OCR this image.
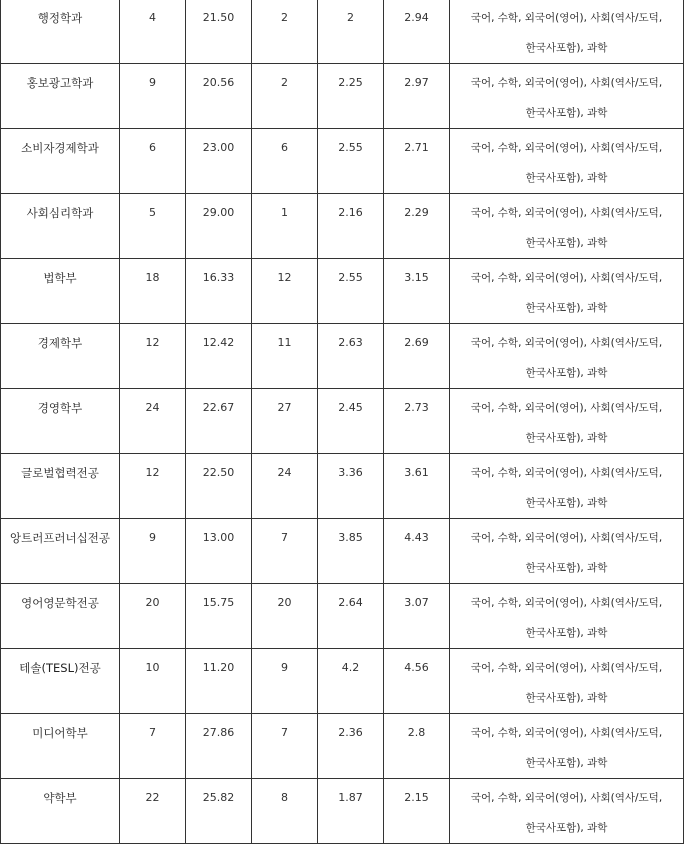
행정학과	4	21.50	2	2	2.94	국어, 수학, 외국어(영어), 사회(역사/도덕, 한국사포함), 과학
홍보광고학과	9	20.56	2	2.25	2.97	국어, 수학, 외국어(영어), 사회(역사/도덕, 한국사포함), 과학
소비자경제학과	6	23.00	6	2.55	2.71	국어, 수학, 외국어(영어), 사회(역사/도덕, 한국사포함), 과학
사회심리학과	5	29.00	1	2.16	2.29	국어, 수학, 외국어(영어), 사회(역사/도덕, 한국사포함), 과학
법학부	18	16.33	12	2.55	3.15	국어, 수학, 외국어(영어), 사회(역사/도덕, 한국사포함), 과학
경제학부	12	12.42	11	2.63	2.69	국어, 수학, 외국어(영어), 사회(역사/도덕, 한국사포함), 과학
경영학부	24	22.67	27	2.45	2.73	국어, 수학, 외국어(영어), 사회(역사/도덕, 한국사포함), 과학
글로벌협력전공	12	22.50	24	3.36	3.61	국어, 수학, 외국어(영어), 사회(역사/도덕, 한국사포함), 과학
앙트러프러너십전공	9	13.00	7	3.85	4.43	국어, 수학, 외국어(영어), 사회(역사/도덕, 한국사포함), 과학
영어영문학전공	20	15.75	20	2.64	3.07	국어, 수학, 외국어(영어), 사회(역사/도덕, 한국사포함), 과학
테솔(TESL)전공	10	11.20	9	4.2	4.56	국어, 수학, 외국어(영어), 사회(역사/도덕, 한국사포함), 과학
미디어학부	7	27.86	7	2.36	2.8	국어, 수학, 외국어(영어), 사회(역사/도덕, 한국사포함), 과학
약학부	22	25.82	8	1.87	2.15	국어, 수학, 외국어(영어), 사회(역사/도덕, 한국사포함), 과학
